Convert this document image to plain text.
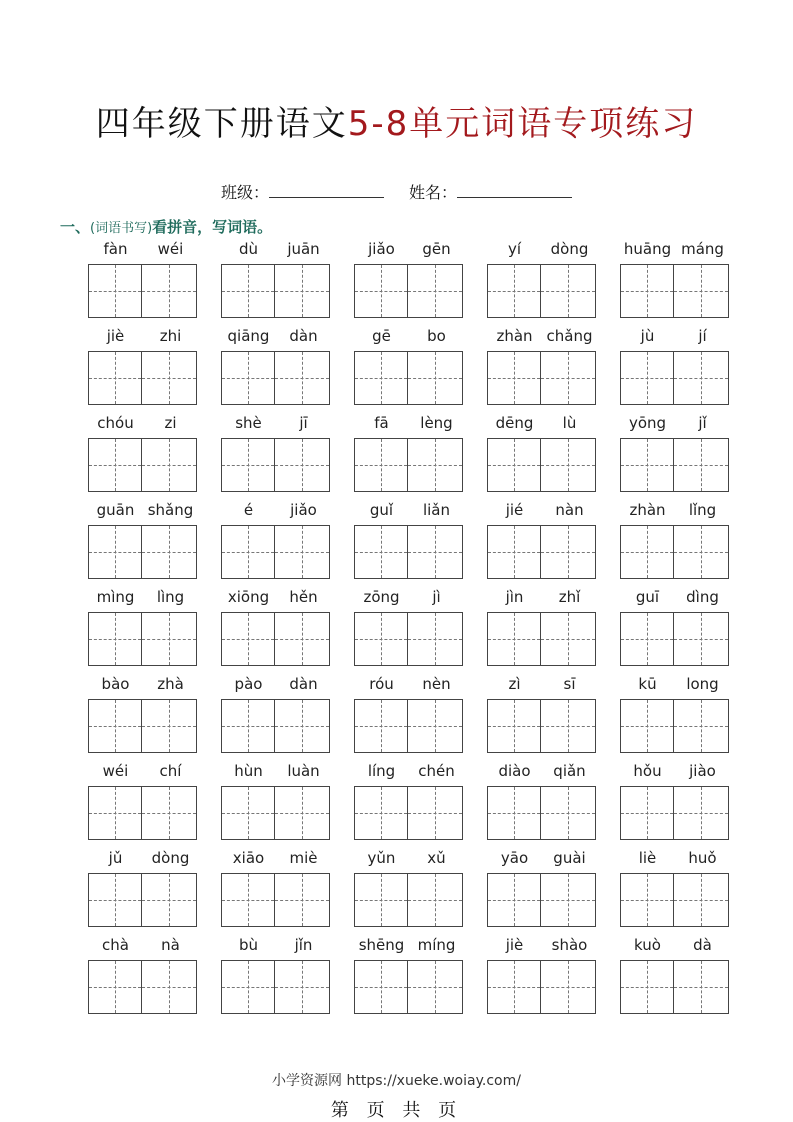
四年级下册语文5-8单元词语专项练习
班级：	姓名：
一、(词语书写)看拼音，写词语。
fàn	wéi	dù	juān	jiǎo	gēn	yí	dòng	huāng máng
jiè	zhi	qiāng	dàn	gē	bo	zhàn chǎng	jù	jí
chóu	zi	shè	jī	fā	lèng	dēng	lù	yōng	jǐ
guān shǎng	é	jiǎo	guǐ	liǎn	jié	nàn	zhàn	lǐng
mìng	lìng	xiōng	hěn	zōng	jì	jìn	zhǐ	guī	dìng
bào	zhà	pào	dàn	róu	nèn	zì	sī	kū	long
wéi	chí	hùn	luàn	líng	chén	diào	qiǎn	hǒu	jiào
jǔ	dòng	xiāo	miè	yǔn	xǔ	yāo	guài	liè	huǒ
chà	nà	bù	jǐn	shēng míng	jiè	shào	kuò	dà
小学资源网 https://xueke.woiay.com/
第 页 共 页
